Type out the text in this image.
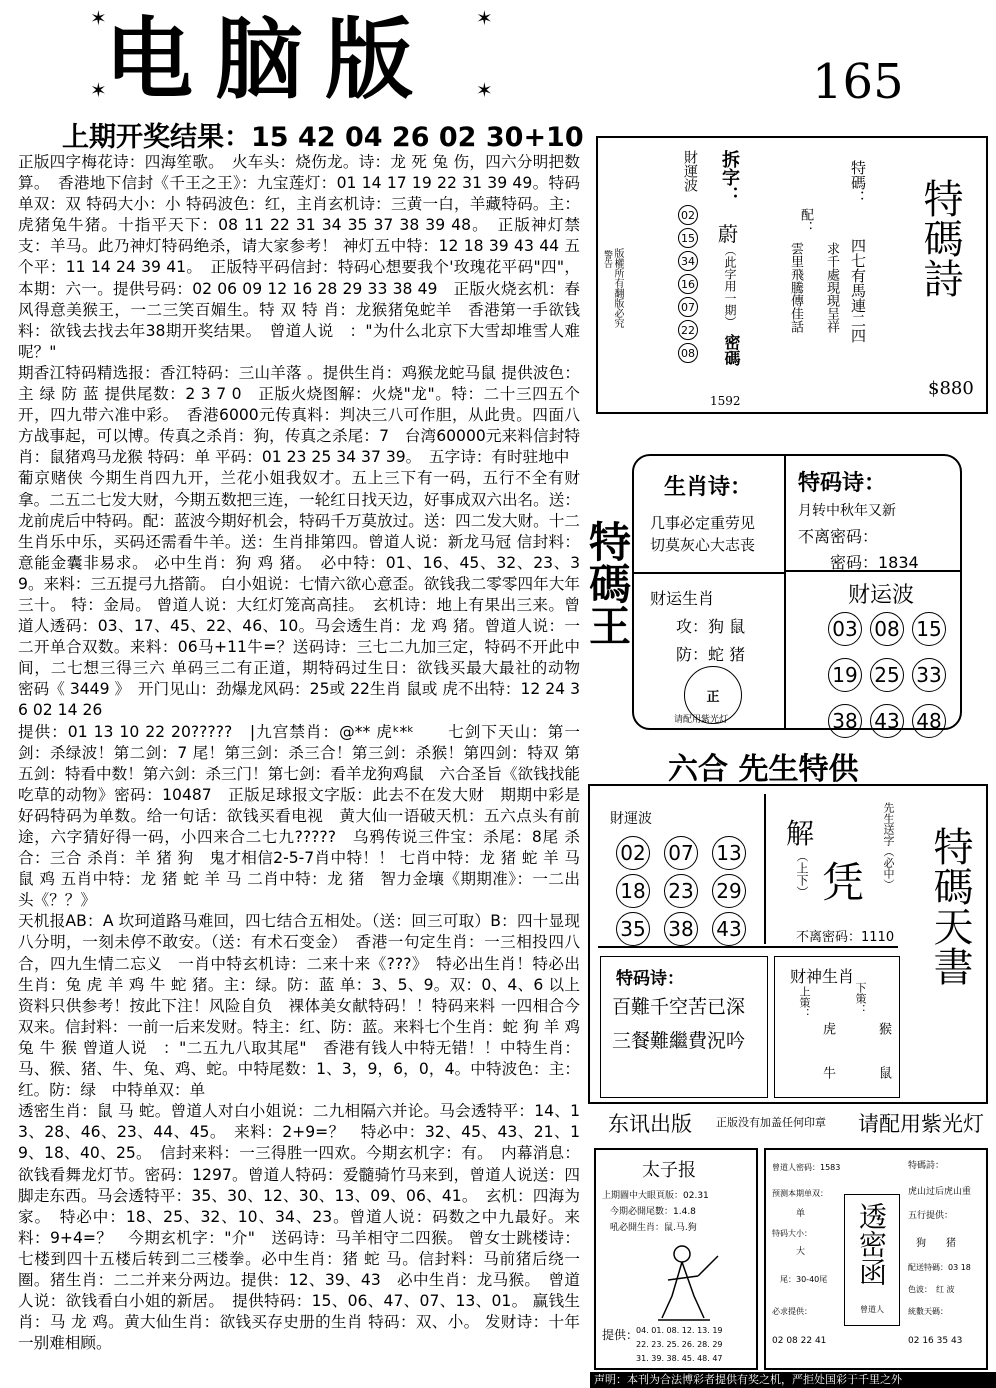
✶
✶
✶
✶
电脑版	165
上期开奖结果：15 42 04 26 02 30+10

正版四字梅花诗：四海笙歌。　火车头：烧伤龙。诗：龙 死 兔 伤，四六分明把数算。　香港地下信封《千王之王》：九宝莲灯：01 14 17 19 22 31 39 49。特码单双：双 特码大小：小 特码波色：红，主肖玄机诗：三黄一白，羊藏特码。主：虎猪兔牛猪。十指平天下：08 11 22 31 34 35 37 38 39 48。　正版神灯禁支：羊马。此乃神灯特码绝杀，请大家参考！ 神灯五中特：12 18 39 43 44 五个平：11 14 24 39 41。　正版特平码信封：特码心想要我个'玫瑰花平码"四"，本期：六一。提供号码：02 06 09 12 16 28 29 33 38 49　正版火烧玄机：春风得意美猴王，一二三笑百媚生。特 双 特 肖：龙猴猪兔蛇羊　香港第一手欲钱料：欲钱去找去年38期开奖结果。　曾道人说　："为什么北京下大雪却堆雪人难呢？"

期香江特码精选报：香江特码：三山羊落 。提供生肖：鸡猴龙蛇马鼠 提供波色：主 绿 防 蓝 提供尾数：2 3 7 0　正版火烧图解：火烧"龙"。特：二十三四五个开，四九带六准中彩。　香港6000元传真料：判决三八可作胆，从此贵。四面八方战事起，可以博。传真之杀肖：狗，传真之杀尾：7　台湾60000元来料信封特肖：鼠猪鸡马龙猴 特码：单 平码：01 23 25 34 37 39。　五字诗：有时驻地中

葡京赌侠 今期生肖四九开，兰花小姐我奴才。五上三下有一码，五行不全有财拿。二五二七发大财，今期五数把三连，一轮红日找天边，好事成双六出名。送：龙前虎后中特码。配：蓝波今期好机会，特码千万莫放过。送：四二发大财。十二生肖乐中乐，买码还需看牛羊。送：生肖排第四。曾道人说：新龙马冠 信封料：意能金囊非易求。 必中生肖：狗 鸡 猪。　必中特：01、16、45、32、23、39。来料：三五提弓九搭箭。 白小姐说：七情六欲心意歪。欲钱我二零零四年大年三十。 特：金局。 曾道人说：大红灯笼高高挂。　玄机诗：地上有果出三来。曾道人透码：03、17、45、22、46、10。马会透生肖：龙 鸡 猪。曾道人说：一二开单合双数。来料：06马+11牛=？送码诗：三七二九加三定，特码不开此中间，二七想三得三六 单码三二有正道，期特码过生日：欲钱买最大最社的动物　密码《 3449 》　开门见山：劲爆龙风码：25或 22生肖 鼠或 虎不出特：12 24 36 02 14 26

提供：01 13 10 22 20?????　|九宫禁肖：@** 虎ᵏ*ᵏ　　七剑下天山：第一剑：杀绿波！第二剑：7 尾！第三剑：杀三合！第三剑：杀猴！第四剑：特双 第五剑：特看中数！第六剑：杀三门！第七剑：看羊龙狗鸡鼠　六合圣旨《欲钱找能吃草的动物》密码：10487　正版足球报文字版：此去不在发大财　期期中彩是好码特码为单数。给一句话：欲钱买看电视　黄大仙一语破天机：五六点头有前途，六字猜好得一码，小四来合二七九?????　乌鸦传说三件宝：杀尾：8尾 杀合：三合 杀肖：羊 猪 狗　鬼才相信2-5-7肖中特！！ 七肖中特：龙 猪 蛇 羊 马 鼠 鸡 五肖中特：龙 猪 蛇 羊 马 二肖中特：龙 猪　智力金壤《期期准》：一二出头《？？》

天机报AB：A 坎珂道路马难回，四七结合五相处。（送：回三可取）B：四十显现八分明，一刻未停不敢安。（送：有术石变金）　香港一句定生肖：一三相投四八合，四九生情二忘义　一肖中特玄机诗：二来十来《???》　特必出生肖！特必出生肖：兔 虎 羊 鸡 牛 蛇 猪。主：绿。防：蓝 单：3、5、9。双：0、4、6 以上资料只供参考！按此下注！风险自负　裸体美女献特码！！特码来料 一四相合今双来。信封料：一前一后来发财。特主：红、防：蓝。来料七个生肖：蛇 狗 羊 鸡 兔 牛 猴 曾道人说　："二五九八取其尾"　香港有钱人中特无错！！中特生肖：马、猴、猪、牛、兔、鸡、蛇。中特尾数：1、3，9，6，0，4。中特波色：主：红。防：绿　中特单双：单

透密生肖：鼠 马 蛇。曾道人对白小姐说：二九相隔六并论。马会透特平：14、13、28、46、23、44、45。　来料：2+9=？　特必中：32、45、43、21、19、18、40、25。　信封来料：一三得胜一四欢。今期玄机字：有。　内幕消息：欲钱看舞龙灯节。密码：1297。曾道人特码：爱髓骑竹马来到，曾道人说送：四脚走东西。马会透特平：35、30、12、30、13、09、06、41。　玄机：四海为家。　特必中：18、25、32、10、34、23。曾道人说：码数之中九最好。来料：9+4=？　今期玄机字："介"　送码诗：马羊相守二四猴。 曾女士跳楼诗：七楼到四十五楼后转到二三楼拳。必中生肖：猪 蛇 马。信封料：马前猪后绕一圈。猪生肖：二二并来分两边。提供：12、39、43　必中生肖：龙马猴。　曾道人说：欲钱看白小姐的新居。　提供特码：15、06、47、07、13、01。 赢钱生肖：马 龙 鸡。黄大仙生肖：欲钱买存史册的生肖 特码：双、小。 发财诗：十年一别难相顾。

財運波
02
15
34
16
07
22
08
拆字：
蔚
（此字用一期）
密碼
1592
版權所有翻版必究
警告
特碼：
四七有馬連二四
配：
求千處現現呈祥
雲里飛騰傳佳話	特碼詩
$880
特碼王
生肖诗：
几事必定重劳见
切莫灰心大志丧
特码诗：
月转中秋年又新
不离密码：
密码：1834
财运生肖
攻：狗 鼠
防：蛇 猪
正
请配用紫光灯
财运波
03 08 15
19 25 33
38 43 48
六合 先生特供
財運波
02 07 13
18 23 29
35 38 43
解
（上下） 凭 先生送字（必中）
不离密码：1110
特码诗：
百難千空苦已深
三餐難繼費況吟
财神生肖
上策：	下策：
虎 牛	猴 鼠
特碼天書
东讯出版 正版没有加盖任何印章 请配用紫光灯
太子报
上期圖中大眼頁版：02.31
今期必開尾數：1.4.8
吼必開生肖：鼠.马.狗
提供：
04. 01. 08. 12. 13. 19
22. 23. 25. 26. 28. 29
31. 39. 38. 45. 48. 47
曾道人密码：1583
预测本期单双：
单
特码大小：
大
尾：30-40尾
必求提供：
02 08 22 41
透密函
曾道人
特碼詩：
虎山过后虎山重
五行提供：
狗　　猪
配送特碼：03 18
色波：　红 波
統數天碼：
02 16 35 43
声明：本刊为合法博彩者提供有奖之机，严拒处国彩于千里之外
